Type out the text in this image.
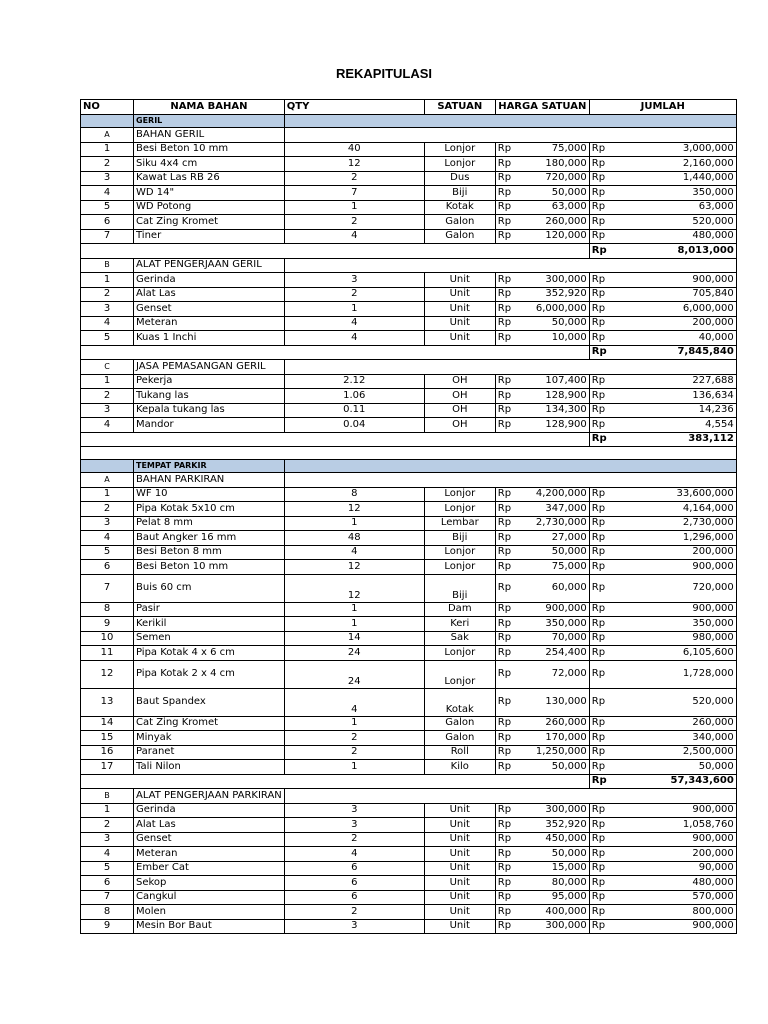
REKAPITULASI
NO	NAMA BAHAN	QTY	SATUAN	HARGA SATUAN		JUMLAH	
	GERIL						
A	BAHAN GERIL						
1	Besi Beton 10 mm	40	Lonjor	Rp	75,000	Rp	3,000,000
2	Siku 4x4 cm	12	Lonjor	Rp	180,000	Rp	2,160,000
3	Kawat Las RB 26	2	Dus	Rp	720,000	Rp	1,440,000
4	WD 14"	7	Biji	Rp	50,000	Rp	350,000
5	WD Potong	1	Kotak	Rp	63,000	Rp	63,000
6	Cat Zing Kromet	2	Galon	Rp	260,000	Rp	520,000
7	Tiner	4	Galon	Rp	120,000	Rp	480,000
						Rp	8,013,000
B	ALAT PENGERJAAN GERIL						
1	Gerinda	3	Unit	Rp	300,000	Rp	900,000
2	Alat Las	2	Unit	Rp	352,920	Rp	705,840
3	Genset	1	Unit	Rp	6,000,000	Rp	6,000,000
4	Meteran	4	Unit	Rp	50,000	Rp	200,000
5	Kuas 1 Inchi	4	Unit	Rp	10,000	Rp	40,000
						Rp	7,845,840
C	JASA PEMASANGAN GERIL						
1	Pekerja	2.12	OH	Rp	107,400	Rp	227,688
2	Tukang las	1.06	OH	Rp	128,900	Rp	136,634
3	Kepala tukang las	0.11	OH	Rp	134,300	Rp	14,236
4	Mandor	0.04	OH	Rp	128,900	Rp	4,554
						Rp	383,112

	TEMPAT PARKIR						
A	BAHAN PARKIRAN						
1	WF 10	8	Lonjor	Rp	4,200,000	Rp	33,600,000
2	Pipa Kotak 5x10 cm	12	Lonjor	Rp	347,000	Rp	4,164,000
3	Pelat 8 mm	1	Lembar	Rp	2,730,000	Rp	2,730,000
4	Baut Angker 16 mm	48	Biji	Rp	27,000	Rp	1,296,000
5	Besi Beton 8 mm	4	Lonjor	Rp	50,000	Rp	200,000
6	Besi Beton 10 mm	12	Lonjor	Rp	75,000	Rp	900,000
7	Buis 60 cm	12	Biji	Rp	60,000	Rp	720,000
8	Pasir	1	Dam	Rp	900,000	Rp	900,000
9	Kerikil	1	Keri	Rp	350,000	Rp	350,000
10	Semen	14	Sak	Rp	70,000	Rp	980,000
11	Pipa Kotak 4 x 6 cm	24	Lonjor	Rp	254,400	Rp	6,105,600
12	Pipa Kotak 2 x 4 cm	24	Lonjor	Rp	72,000	Rp	1,728,000
13	Baut Spandex	4	Kotak	Rp	130,000	Rp	520,000
14	Cat Zing Kromet	1	Galon	Rp	260,000	Rp	260,000
15	Minyak	2	Galon	Rp	170,000	Rp	340,000
16	Paranet	2	Roll	Rp	1,250,000	Rp	2,500,000
17	Tali Nilon	1	Kilo	Rp	50,000	Rp	50,000
						Rp	57,343,600
B	ALAT PENGERJAAN PARKIRAN						
1	Gerinda	3	Unit	Rp	300,000	Rp	900,000
2	Alat Las	3	Unit	Rp	352,920	Rp	1,058,760
3	Genset	2	Unit	Rp	450,000	Rp	900,000
4	Meteran	4	Unit	Rp	50,000	Rp	200,000
5	Ember Cat	6	Unit	Rp	15,000	Rp	90,000
6	Sekop	6	Unit	Rp	80,000	Rp	480,000
7	Cangkul	6	Unit	Rp	95,000	Rp	570,000
8	Molen	2	Unit	Rp	400,000	Rp	800,000
9	Mesin Bor Baut	3	Unit	Rp	300,000	Rp	900,000
